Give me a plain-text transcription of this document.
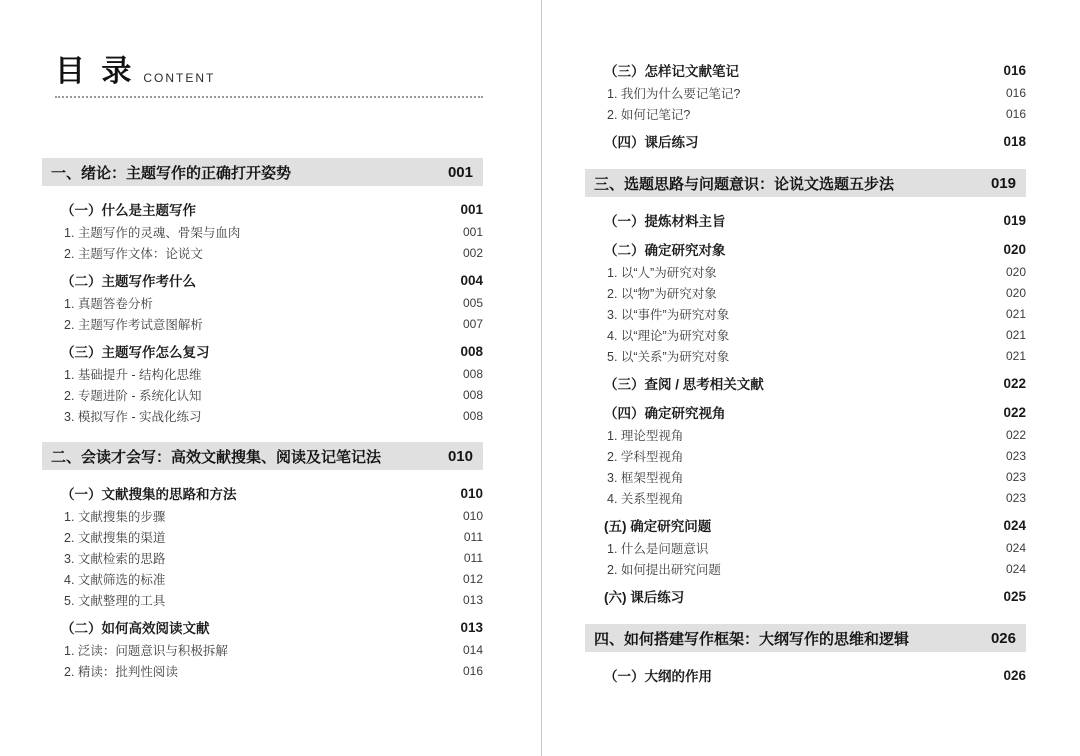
目 录 CONTENT
一、绪论：主题写作的正确打开姿势	001
（一）什么是主题写作	001
1. 主题写作的灵魂、骨架与血肉	001
2. 主题写作文体：论说文	002
（二）主题写作考什么	004
1. 真题答卷分析	005
2. 主题写作考试意图解析	007
（三）主题写作怎么复习	008
1. 基础提升 - 结构化思维	008
2. 专题进阶 - 系统化认知	008
3. 模拟写作 - 实战化练习	008
二、会读才会写：高效文献搜集、阅读及记笔记法	010
（一）文献搜集的思路和方法	010
1. 文献搜集的步骤	010
2. 文献搜集的渠道	011
3. 文献检索的思路	011
4. 文献筛选的标准	012
5. 文献整理的工具	013
（二）如何高效阅读文献	013
1. 泛读：问题意识与积极拆解	014
2. 精读：批判性阅读	016
（三）怎样记文献笔记	016
1. 我们为什么要记笔记?	016
2. 如何记笔记?	016
（四）课后练习	018
三、选题思路与问题意识：论说文选题五步法	019
（一）提炼材料主旨	019
（二）确定研究对象	020
1. 以“人”为研究对象	020
2. 以“物”为研究对象	020
3. 以“事件”为研究对象	021
4. 以“理论”为研究对象	021
5. 以“关系”为研究对象	021
（三）查阅 / 思考相关文献	022
（四）确定研究视角	022
1. 理论型视角	022
2. 学科型视角	023
3. 框架型视角	023
4. 关系型视角	023
(五) 确定研究问题	024
1. 什么是问题意识	024
2. 如何提出研究问题	024
(六) 课后练习	025
四、如何搭建写作框架：大纲写作的思维和逻辑	026
（一）大纲的作用	026
